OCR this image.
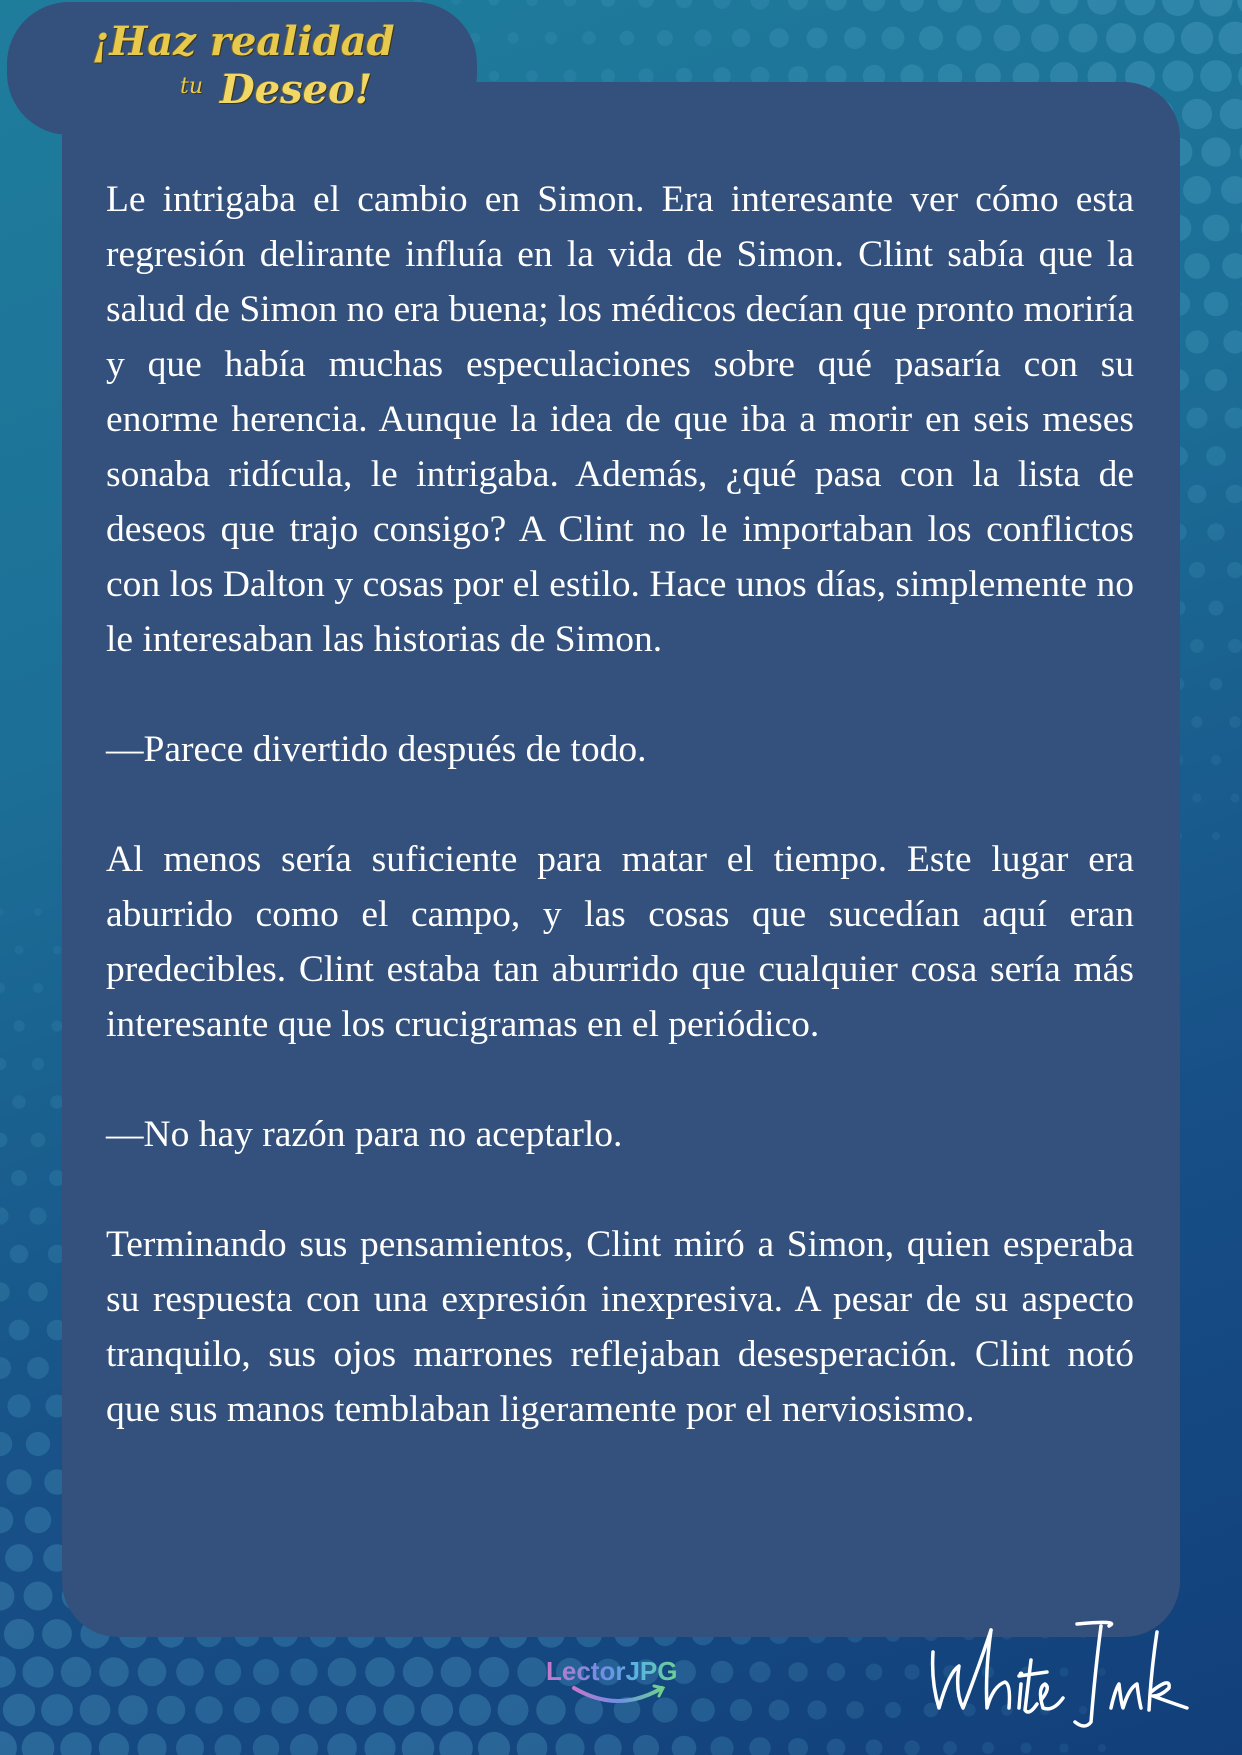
¡Haz realidad
tu Deseo!

Le intrigaba el cambio en Simon. Era interesante ver cómo esta regresión delirante influía en la vida de Simon. Clint sabía que la salud de Simon no era buena; los médicos decían que pronto moriría y que había muchas especulaciones sobre qué pasaría con su enorme herencia. Aunque la idea de que iba a morir en seis meses sonaba ridícula, le intrigaba. Además, ¿qué pasa con la lista de deseos que trajo consigo? A Clint no le importaban los conflictos con los Dalton y cosas por el estilo. Hace unos días, simplemente no le interesaban las historias de Simon.

—Parece divertido después de todo.

Al menos sería suficiente para matar el tiempo. Este lugar era aburrido como el campo, y las cosas que sucedían aquí eran predecibles. Clint estaba tan aburrido que cualquier cosa sería más interesante que los crucigramas en el periódico.

—No hay razón para no aceptarlo.

Terminando sus pensamientos, Clint miró a Simon, quien esperaba su respuesta con una expresión inexpresiva. A pesar de su aspecto tranquilo, sus ojos marrones reflejaban desesperación. Clint notó que sus manos temblaban ligeramente por el nerviosismo.

LectorJPG
